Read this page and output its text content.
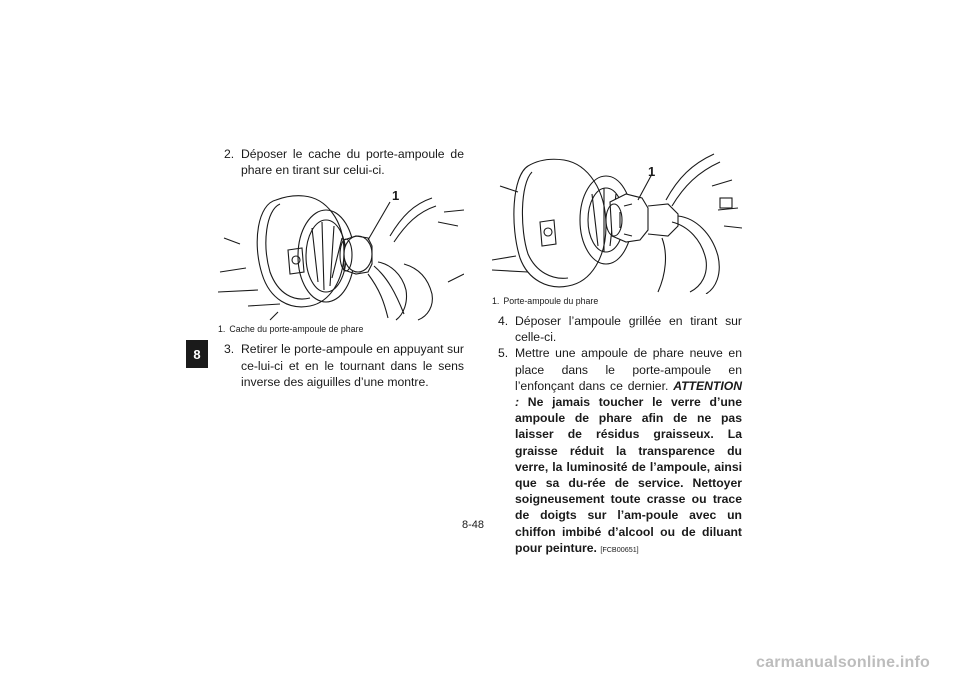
8
2. Déposer le cache du porte-ampoule de phare en tirant sur celui-ci.
1
1. Cache du porte-ampoule de phare
3. Retirer le porte-ampoule en appuyant sur ce-lui-ci et en le tournant dans le sens inverse des aiguilles d’une montre.
1
1. Porte-ampoule du phare
4. Déposer l’ampoule grillée en tirant sur celle-ci.
5. Mettre une ampoule de phare neuve en place dans le porte-ampoule en l’enfonçant dans ce dernier. ATTENTION : Ne jamais toucher le verre d’une ampoule de phare afin de ne pas laisser de résidus graisseux. La graisse réduit la transparence du verre, la luminosité de l’ampoule, ainsi que sa du-rée de service. Nettoyer soigneusement toute crasse ou trace de doigts sur l’am-poule avec un chiffon imbibé d’alcool ou de diluant pour peinture. [FCB00651]
8-48
carmanualsonline.info
